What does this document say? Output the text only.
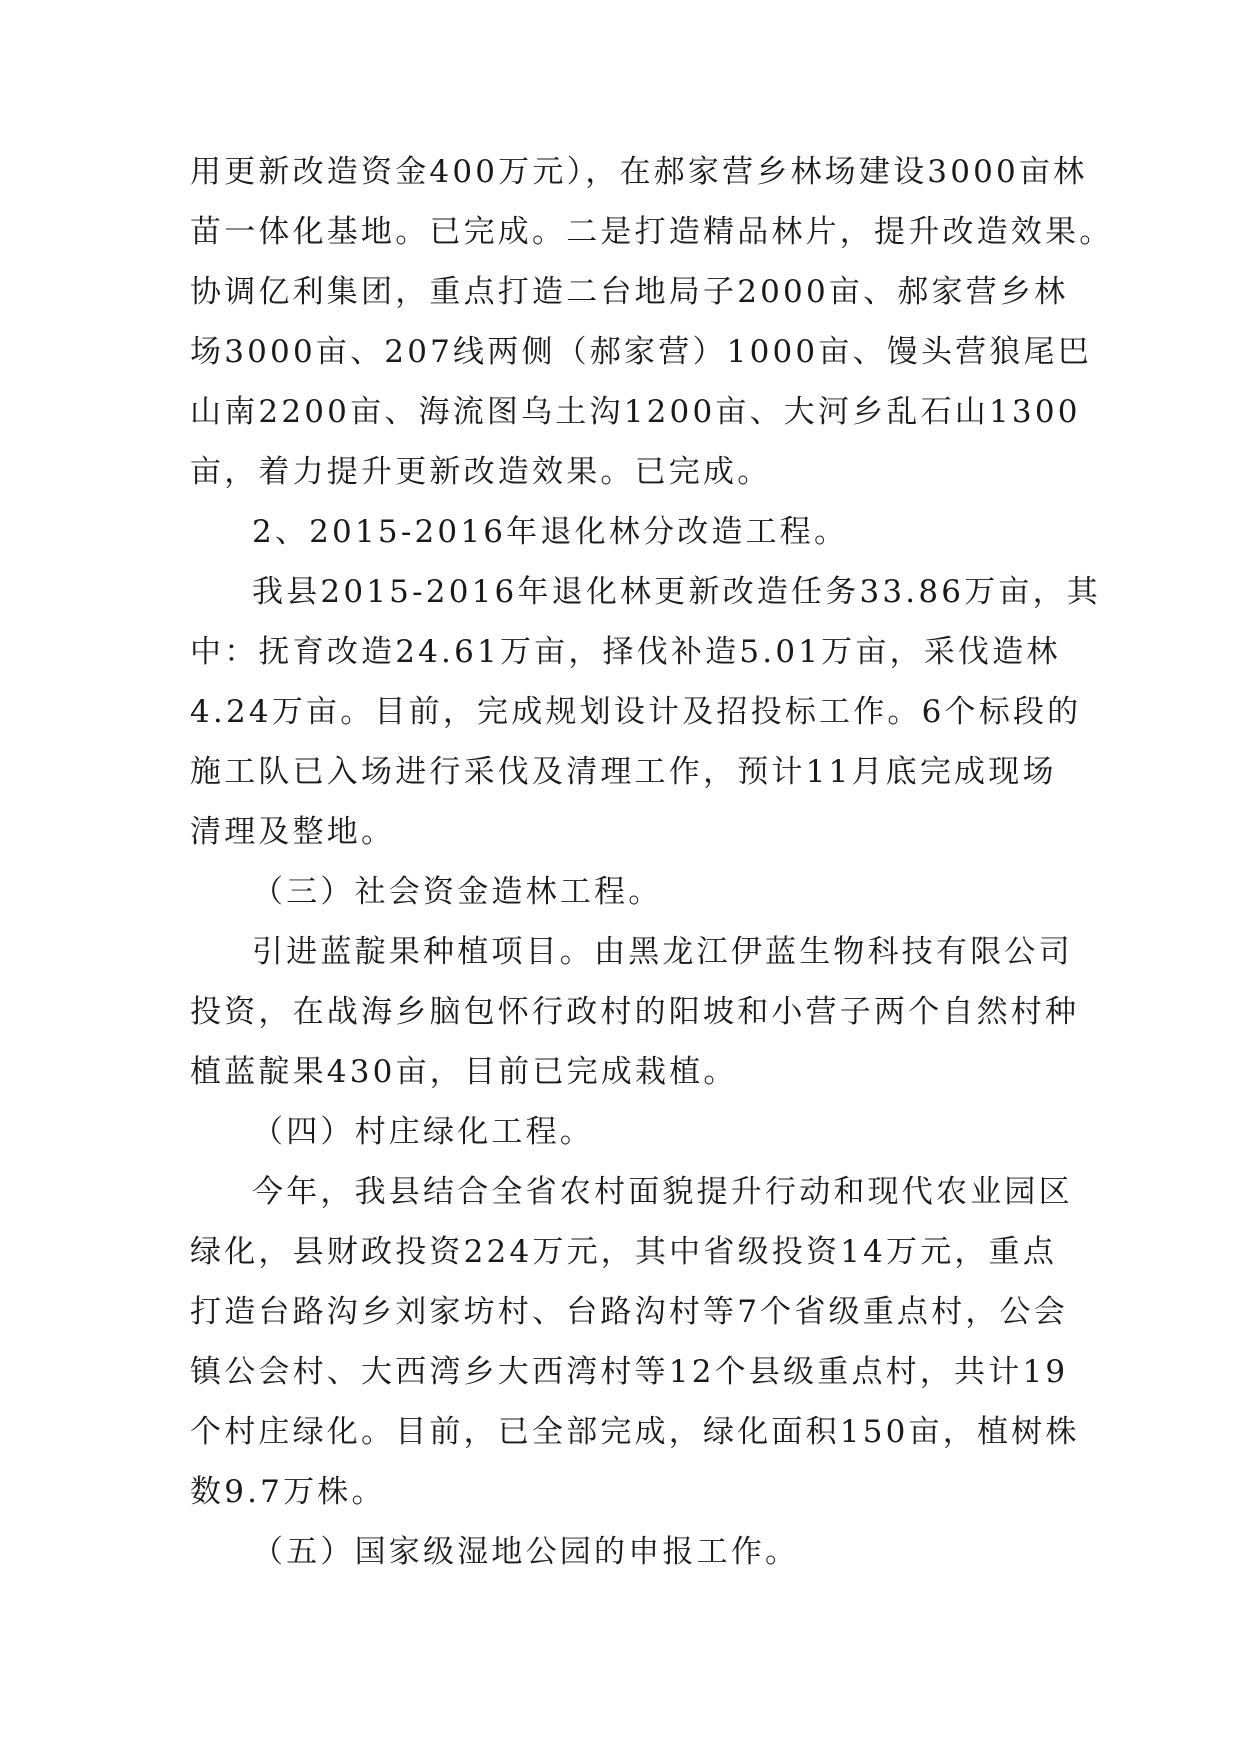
用更新改造资金400万元），在郝家营乡林场建设3000亩林
苗一体化基地。已完成。二是打造精品林片，提升改造效果。
协调亿利集团，重点打造二台地局子2000亩、郝家营乡林
场3000亩、207线两侧（郝家营）1000亩、馒头营狼尾巴
山南2200亩、海流图乌土沟1200亩、大河乡乱石山1300
亩，着力提升更新改造效果。已完成。
2、2015-2016年退化林分改造工程。
我县2015-2016年退化林更新改造任务33.86万亩，其
中：抚育改造24.61万亩，择伐补造5.01万亩，采伐造林
4.24万亩。目前，完成规划设计及招投标工作。6个标段的
施工队已入场进行采伐及清理工作，预计11月底完成现场
清理及整地。
（三）社会资金造林工程。
引进蓝靛果种植项目。由黑龙江伊蓝生物科技有限公司
投资，在战海乡脑包怀行政村的阳坡和小营子两个自然村种
植蓝靛果430亩，目前已完成栽植。
（四）村庄绿化工程。
今年，我县结合全省农村面貌提升行动和现代农业园区
绿化，县财政投资224万元，其中省级投资14万元，重点
打造台路沟乡刘家坊村、台路沟村等7个省级重点村，公会
镇公会村、大西湾乡大西湾村等12个县级重点村，共计19
个村庄绿化。目前，已全部完成，绿化面积150亩，植树株
数9.7万株。
（五）国家级湿地公园的申报工作。
